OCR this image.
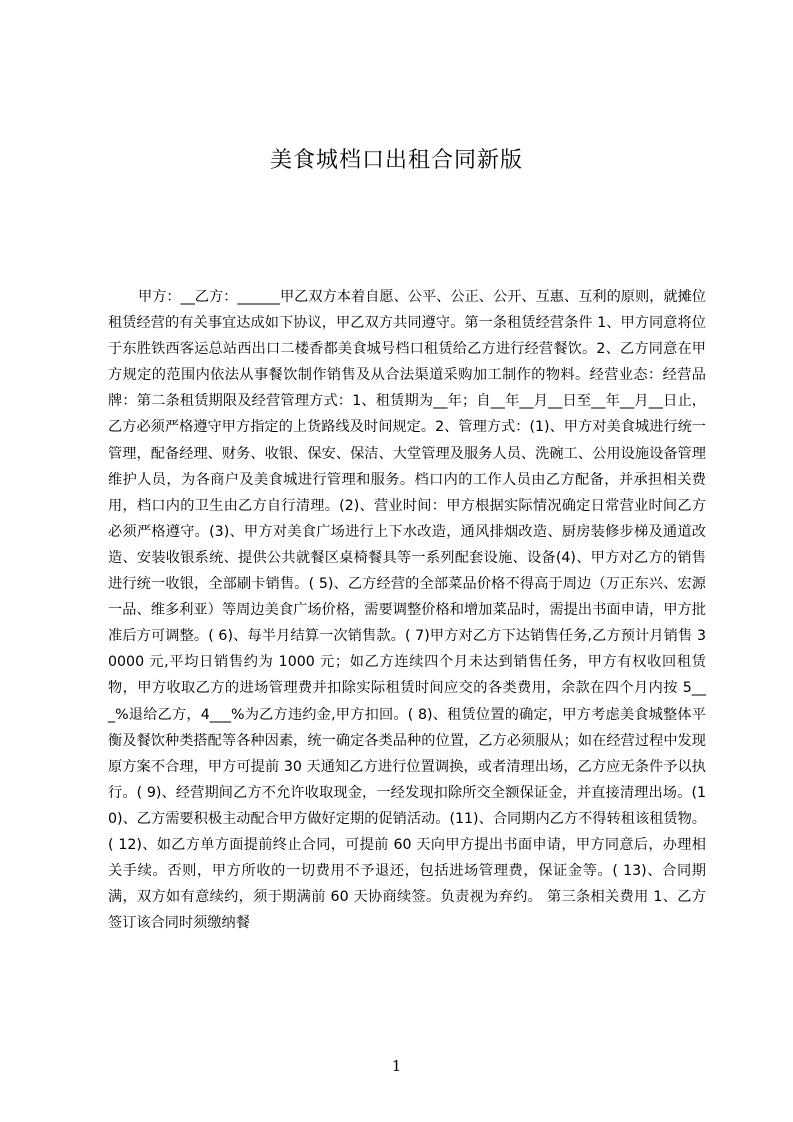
美食城档口出租合同新版

甲方：__乙方：______甲乙双方本着自愿、公平、公正、公开、互惠、互利的原则，就摊位租赁经营的有关事宜达成如下协议，甲乙双方共同遵守。第一条租赁经营条件 1、甲方同意将位于东胜铁西客运总站西出口二楼香都美食城号档口租赁给乙方进行经营餐饮。2、乙方同意在甲方规定的范围内依法从事餐饮制作销售及从合法渠道采购加工制作的物料。经营业态：经营品牌：第二条租赁期限及经营管理方式：1、租赁期为__年；自__年__月__日至__年__月__日止，乙方必须严格遵守甲方指定的上货路线及时间规定。2、管理方式：(1)、甲方对美食城进行统一管理，配备经理、财务、收银、保安、保洁、大堂管理及服务人员、洗碗工、公用设施设备管理维护人员，为各商户及美食城进行管理和服务。档口内的工作人员由乙方配备，并承担相关费用，档口内的卫生由乙方自行清理。(2)、营业时间：甲方根据实际情况确定日常营业时间乙方必须严格遵守。(3)、甲方对美食广场进行上下水改造，通风排烟改造、厨房装修步梯及通道改造、安装收银系统、提供公共就餐区桌椅餐具等一系列配套设施、设备(4)、甲方对乙方的销售进行统一收银，全部刷卡销售。( 5)、乙方经营的全部菜品价格不得高于周边（万正东兴、宏源一品、维多利亚）等周边美食广场价格，需要调整价格和增加菜品时，需提出书面申请，甲方批准后方可调整。( 6)、每半月结算一次销售款。( 7)甲方对乙方下达销售任务,乙方预计月销售 30000 元,平均日销售约为 1000 元；如乙方连续四个月未达到销售任务，甲方有权收回租赁物，甲方收取乙方的进场管理费并扣除实际租赁时间应交的各类费用，余款在四个月内按 5___%退给乙方，4___%为乙方违约金,甲方扣回。( 8)、租赁位置的确定，甲方考虑美食城整体平衡及餐饮种类搭配等各种因素，统一确定各类品种的位置，乙方必须服从；如在经营过程中发现原方案不合理，甲方可提前 30 天通知乙方进行位置调换，或者清理出场，乙方应无条件予以执行。( 9)、经营期间乙方不允许收取现金，一经发现扣除所交全额保证金，并直接清理出场。(10)、乙方需要积极主动配合甲方做好定期的促销活动。(11)、合同期内乙方不得转租该租赁物。( 12)、如乙方单方面提前终止合同，可提前 60 天向甲方提出书面申请，甲方同意后，办理相关手续。否则，甲方所收的一切费用不予退还，包括进场管理费，保证金等。( 13)、合同期满，双方如有意续约，须于期满前 60 天协商续签。负责视为弃约。 第三条相关费用 1、乙方签订该合同时须缴纳餐

1
